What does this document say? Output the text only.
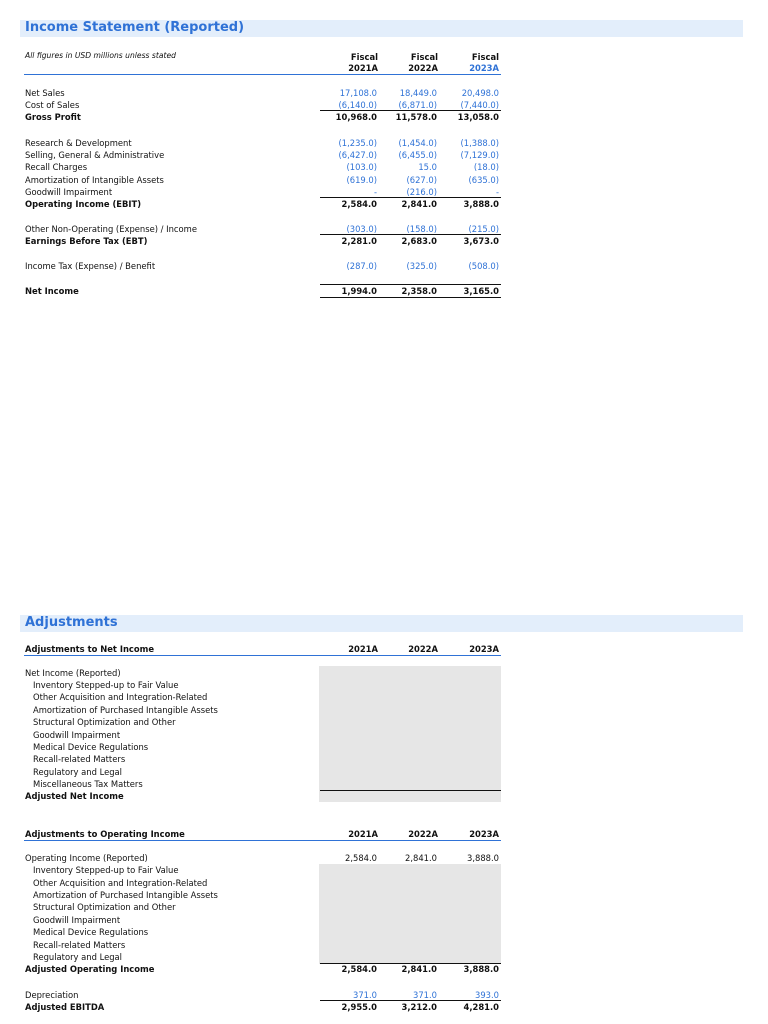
Income Statement (Reported)
All figures in USD millions unless stated	Fiscal	Fiscal	Fiscal
2021A	2022A	2023A
Net Sales	17,108.0	18,449.0	20,498.0
Cost of Sales	(6,140.0)	(6,871.0)	(7,440.0)
Gross Profit	10,968.0	11,578.0	13,058.0
Research & Development	(1,235.0)	(1,454.0)	(1,388.0)
Selling, General & Administrative	(6,427.0)	(6,455.0)	(7,129.0)
Recall Charges	(103.0)	15.0	(18.0)
Amortization of Intangible Assets	(619.0)	(627.0)	(635.0)
Goodwill Impairment	-	(216.0)	-
Operating Income (EBIT)	2,584.0	2,841.0	3,888.0
Other Non-Operating (Expense) / Income	(303.0)	(158.0)	(215.0)
Earnings Before Tax (EBT)	2,281.0	2,683.0	3,673.0
Income Tax (Expense) / Benefit	(287.0)	(325.0)	(508.0)
Net Income	1,994.0	2,358.0	3,165.0
Adjustments
Adjustments to Net Income	2021A	2022A	2023A
Net Income (Reported)
Inventory Stepped-up to Fair Value
Other Acquisition and Integration-Related
Amortization of Purchased Intangible Assets
Structural Optimization and Other
Goodwill Impairment
Medical Device Regulations
Recall-related Matters
Regulatory and Legal
Miscellaneous Tax Matters
Adjusted Net Income
Adjustments to Operating Income	2021A	2022A	2023A
Operating Income (Reported)	2,584.0	2,841.0	3,888.0
Inventory Stepped-up to Fair Value
Other Acquisition and Integration-Related
Amortization of Purchased Intangible Assets
Structural Optimization and Other
Goodwill Impairment
Medical Device Regulations
Recall-related Matters
Regulatory and Legal
Adjusted Operating Income	2,584.0	2,841.0	3,888.0
Depreciation	371.0	371.0	393.0
Adjusted EBITDA	2,955.0	3,212.0	4,281.0
